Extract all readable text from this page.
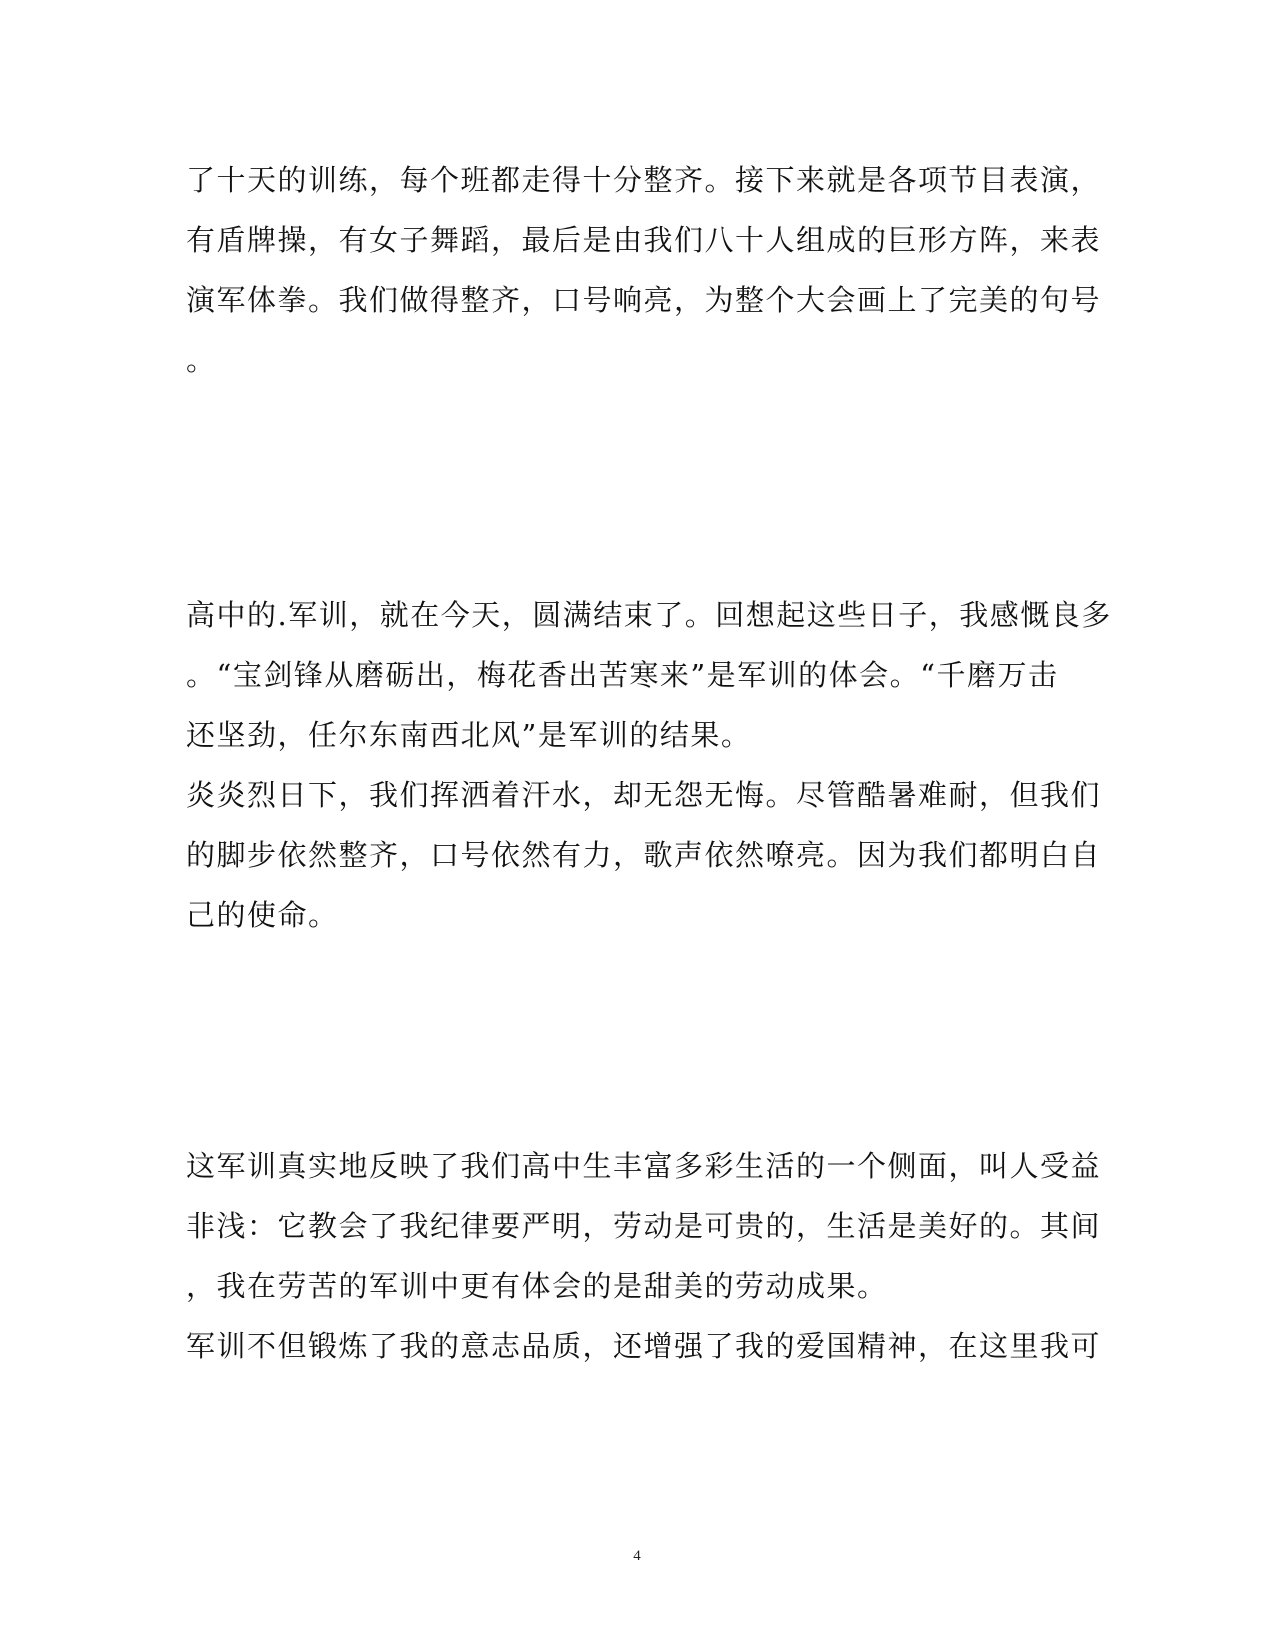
了十天的训练，每个班都走得十分整齐。接下来就是各项节目表演，
有盾牌操，有女子舞蹈，最后是由我们八十人组成的巨形方阵，来表
演军体拳。我们做得整齐，口号响亮，为整个大会画上了完美的句号
。
高中的.军训，就在今天，圆满结束了。回想起这些日子，我感慨良多
。“宝剑锋从磨砺出，梅花香出苦寒来”是军训的体会。“千磨万击
还坚劲，任尔东南西北风”是军训的结果。
炎炎烈日下，我们挥洒着汗水，却无怨无悔。尽管酷暑难耐，但我们
的脚步依然整齐，口号依然有力，歌声依然嘹亮。因为我们都明白自
己的使命。
这军训真实地反映了我们高中生丰富多彩生活的一个侧面，叫人受益
非浅：它教会了我纪律要严明，劳动是可贵的，生活是美好的。其间
，我在劳苦的军训中更有体会的是甜美的劳动成果。
军训不但锻炼了我的意志品质，还增强了我的爱国精神，在这里我可
4
